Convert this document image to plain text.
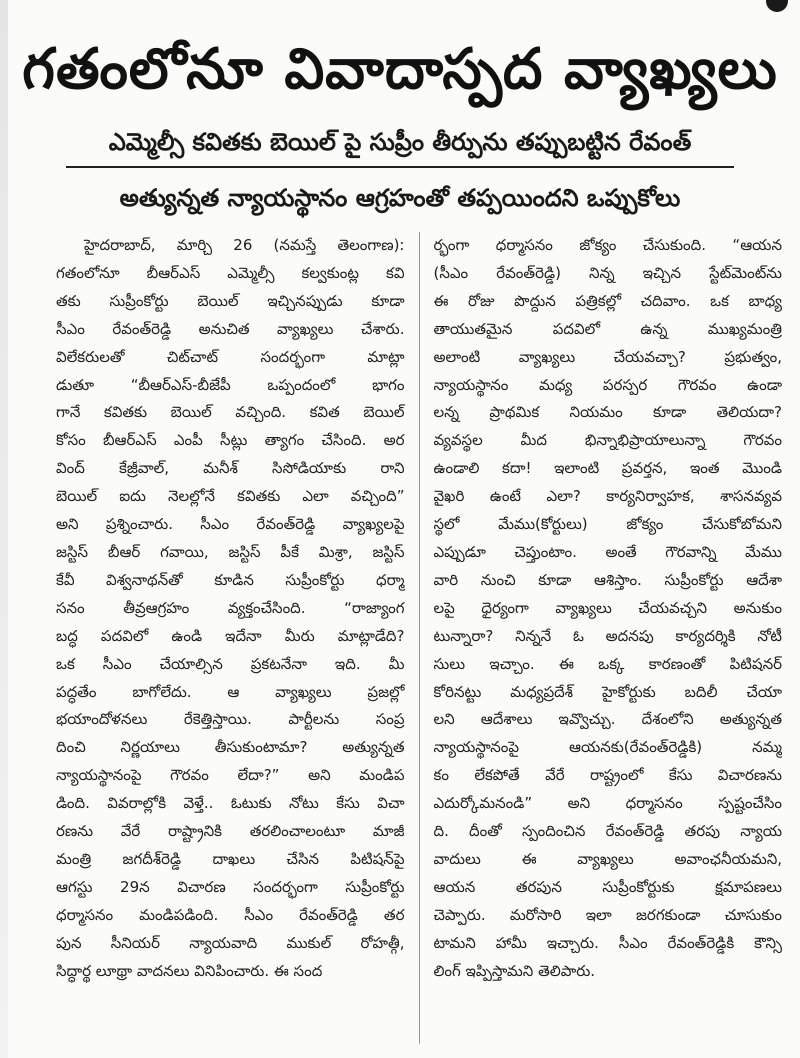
గతంలోనూ వివాదాస్పద వ్యాఖ్యలు
ఎమ్మెల్సీ కవితకు బెయిల్ పై సుప్రీం తీర్పును తప్పుబట్టిన రేవంత్
అత్యున్నత న్యాయస్థానం ఆగ్రహంతో తప్పయిందని ఒప్పుకోలు
హైదరాబాద్, మార్చి 26 (నమస్తే తెలంగాణ):
గతంలోనూ బీఆర్ఎస్ ఎమ్మెల్సీ కల్వకుంట్ల కవి
తకు సుప్రీంకోర్టు బెయిల్ ఇచ్చినప్పుడు కూడా
సీఎం రేవంత్‌రెడ్డి అనుచిత వ్యాఖ్యలు చేశారు.
విలేకరులతో చిట్‌చాట్ సందర్భంగా మాట్లా
డుతూ “బీఆర్ఎస్-బీజేపీ ఒప్పందంలో భాగం
గానే కవితకు బెయిల్ వచ్చింది. కవిత బెయిల్
కోసం బీఆర్ఎస్ ఎంపీ సీట్లు త్యాగం చేసింది. అర
వింద్ కేజ్రీవాల్, మనీశ్ సిసోడియాకు రాని
బెయిల్ ఐదు నెలల్లోనే కవితకు ఎలా వచ్చింది”
అని ప్రశ్నించారు. సీఎం రేవంత్‌రెడ్డి వ్యాఖ్యలపై
జస్టిస్ బీఆర్ గవాయి, జస్టిస్ పీకే మిశ్రా, జస్టిస్
కేవీ విశ్వనాథన్‌తో కూడిన సుప్రీంకోర్టు ధర్మా
సనం తీవ్రఆగ్రహం వ్యక్తంచేసింది. “రాజ్యాంగ
బద్ధ పదవిలో ఉండి ఇదేనా మీరు మాట్లాడేది?
ఒక సీఎం చేయాల్సిన ప్రకటనేనా ఇది. మీ
పద్ధతేం బాగోలేదు. ఆ వ్యాఖ్యలు ప్రజల్లో
భయాందోళనలు రేకెత్తిస్తాయి. పార్టీలను సంప్ర
దించి నిర్ణయాలు తీసుకుంటామా? అత్యున్నత
న్యాయస్థానంపై గౌరవం లేదా?” అని మండిప
డింది. వివరాల్లోకి వెళ్తే.. ఓటుకు నోటు కేసు విచా
రణను వేరే రాష్ట్రానికి తరలించాలంటూ మాజీ
మంత్రి జగదీశ్‌రెడ్డి దాఖలు చేసిన పిటిషన్‌పై
ఆగస్టు 29న విచారణ సందర్భంగా సుప్రీంకోర్టు
ధర్మాసనం మండిపడింది. సీఎం రేవంత్‌రెడ్డి తర
పున సీనియర్ న్యాయవాది ముకుల్ రోహత్గీ,
సిద్ధార్థ లూథ్రా వాదనలు వినిపించారు. ఈ సంద
ర్భంగా ధర్మాసనం జోక్యం చేసుకుంది. “ఆయన
(సీఎం రేవంత్‌రెడ్డి) నిన్న ఇచ్చిన స్టేట్‌మెంట్‌ను
ఈ రోజు పొద్దున పత్రికల్లో చదివాం. ఒక బాధ్య
తాయుతమైన పదవిలో ఉన్న ముఖ్యమంత్రి
అలాంటి వ్యాఖ్యలు చేయవచ్చా? ప్రభుత్వం,
న్యాయస్థానం మధ్య పరస్పర గౌరవం ఉండా
లన్న ప్రాథమిక నియమం కూడా తెలియదా?
వ్యవస్థల మీద భిన్నాభిప్రాయాలున్నా గౌరవం
ఉండాలి కదా! ఇలాంటి ప్రవర్తన, ఇంత మొండి
వైఖరి ఉంటే ఎలా? కార్యనిర్వాహక, శాసనవ్యవ
స్థలో మేము(కోర్టులు) జోక్యం చేసుకోబోమని
ఎప్పుడూ చెప్తుంటాం. అంతే గౌరవాన్ని మేము
వారి నుంచి కూడా ఆశిస్తాం. సుప్రీంకోర్టు ఆదేశా
లపై ధైర్యంగా వ్యాఖ్యలు చేయవచ్చని అనుకుం
టున్నారా? నిన్ననే ఓ అదనపు కార్యదర్శికి నోటీ
సులు ఇచ్చాం. ఈ ఒక్క కారణంతో పిటిషనర్
కోరినట్టు మధ్యప్రదేశ్ హైకోర్టుకు బదిలీ చేయా
లని ఆదేశాలు ఇవ్వొచ్చు. దేశంలోని అత్యున్నత
న్యాయస్థానంపై ఆయనకు(రేవంత్‌రెడ్డికి) నమ్మ
కం లేకపోతే వేరే రాష్ట్రంలో కేసు విచారణను
ఎదుర్కోమనండి” అని ధర్మాసనం స్పష్టంచేసిం
ది. దీంతో స్పందించిన రేవంత్‌రెడ్డి తరపు న్యాయ
వాదులు ఈ వ్యాఖ్యలు అవాంఛనీయమని,
ఆయన తరపున సుప్రీంకోర్టుకు క్షమాపణలు
చెప్పారు. మరోసారి ఇలా జరగకుండా చూసుకుం
టామని హామీ ఇచ్చారు. సీఎం రేవంత్‌రెడ్డికి కౌన్సి
లింగ్ ఇప్పిస్తామని తెలిపారు.
